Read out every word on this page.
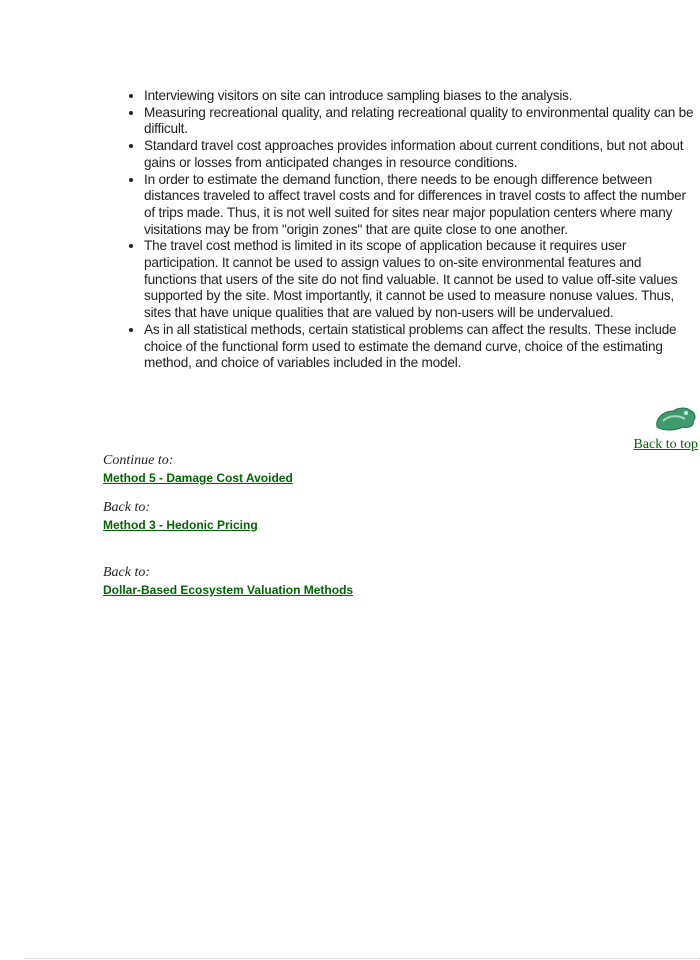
• Interviewing visitors on site can introduce sampling biases to the analysis.
• Measuring recreational quality, and relating recreational quality to environmental quality can be difficult.
• Standard travel cost approaches provides information about current conditions, but not about gains or losses from anticipated changes in resource conditions.
• In order to estimate the demand function, there needs to be enough difference between distances traveled to affect travel costs and for differences in travel costs to affect the number of trips made. Thus, it is not well suited for sites near major population centers where many visitations may be from "origin zones" that are quite close to one another.
• The travel cost method is limited in its scope of application because it requires user participation. It cannot be used to assign values to on-site environmental features and functions that users of the site do not find valuable. It cannot be used to value off-site values supported by the site. Most importantly, it cannot be used to measure nonuse values. Thus, sites that have unique qualities that are valued by non-users will be undervalued.
• As in all statistical methods, certain statistical problems can affect the results. These include choice of the functional form used to estimate the demand curve, choice of the estimating method, and choice of variables included in the model.
Back to top
Continue to:
Method 5 - Damage Cost Avoided
Back to:
Method 3 - Hedonic Pricing
Back to:
Dollar-Based Ecosystem Valuation Methods
